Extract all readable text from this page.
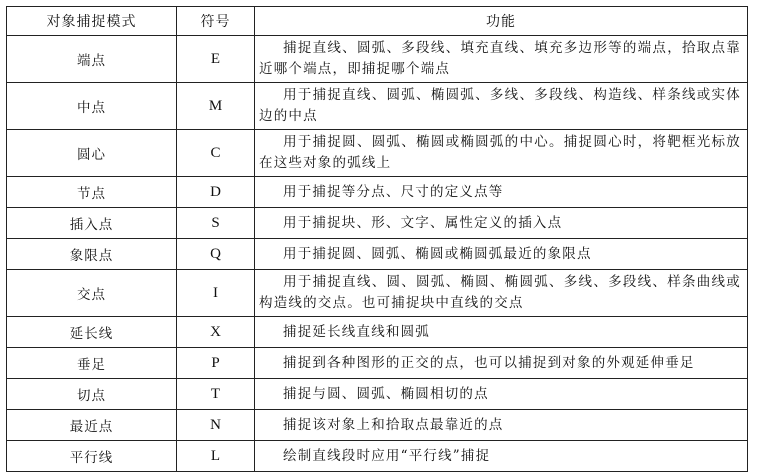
对象捕捉模式	符号	功能
端点	E	捕捉直线、圆弧、多段线、填充直线、填充多边形等的端点，拾取点靠近哪个端点，即捕捉哪个端点
中点	M	用于捕捉直线、圆弧、椭圆弧、多线、多段线、构造线、样条线或实体边的中点
圆心	C	用于捕捉圆、圆弧、椭圆或椭圆弧的中心。捕捉圆心时，将靶框光标放在这些对象的弧线上
节点	D	用于捕捉等分点、尺寸的定义点等
插入点	S	用于捕捉块、形、文字、属性定义的插入点
象限点	Q	用于捕捉圆、圆弧、椭圆或椭圆弧最近的象限点
交点	I	用于捕捉直线、圆、圆弧、椭圆、椭圆弧、多线、多段线、样条曲线或构造线的交点。也可捕捉块中直线的交点
延长线	X	捕捉延长线直线和圆弧
垂足	P	捕捉到各种图形的正交的点，也可以捕捉到对象的外观延伸垂足
切点	T	捕捉与圆、圆弧、椭圆相切的点
最近点	N	捕捉该对象上和拾取点最靠近的点
平行线	L	绘制直线段时应用“平行线”捕捉
